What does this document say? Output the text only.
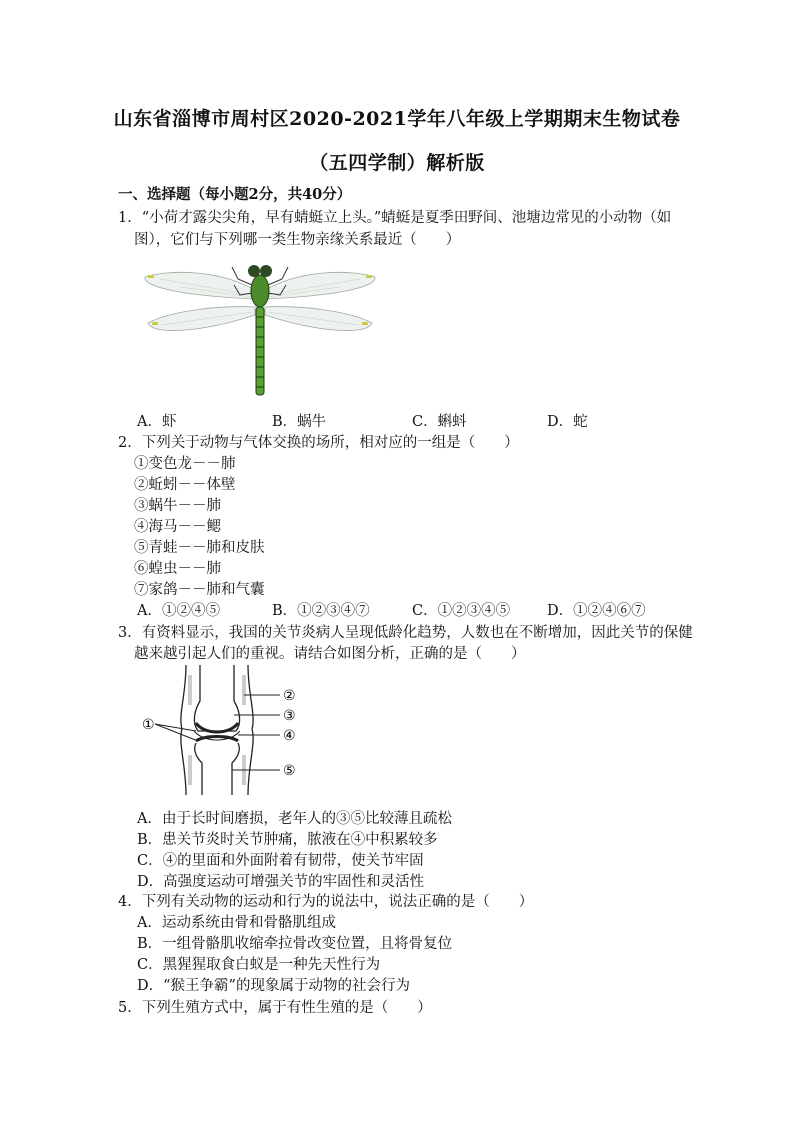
山东省淄博市周村区2020-2021学年八年级上学期期末生物试卷
（五四学制）解析版
一、选择题（每小题2分，共40分）
1．“小荷才露尖尖角，早有蜻蜓立上头。”蜻蜓是夏季田野间、池塘边常见的小动物（如
图），它们与下列哪一类生物亲缘关系最近（　　）
A．虾	B．蜗牛	C．蝌蚪	D．蛇
2．下列关于动物与气体交换的场所，相对应的一组是（　　）
①变色龙－－肺
②蚯蚓－－体壁
③蜗牛－－肺
④海马－－鳃
⑤青蛙－－肺和皮肤
⑥蝗虫－－肺
⑦家鸽－－肺和气囊
A．①②④⑤	B．①②③④⑦	C．①②③④⑤	D．①②④⑥⑦
3．有资料显示，我国的关节炎病人呈现低龄化趋势，人数也在不断增加，因此关节的保健
越来越引起人们的重视。请结合如图分析，正确的是（　　）
①
②
③
④
⑤
A．由于长时间磨损，老年人的③⑤比较薄且疏松
B．患关节炎时关节肿痛，脓液在④中积累较多
C．④的里面和外面附着有韧带，使关节牢固
D．高强度运动可增强关节的牢固性和灵活性
4．下列有关动物的运动和行为的说法中，说法正确的是（　　）
A．运动系统由骨和骨骼肌组成
B．一组骨骼肌收缩牵拉骨改变位置，且将骨复位
C．黑猩猩取食白蚁是一种先天性行为
D．“猴王争霸”的现象属于动物的社会行为
5．下列生殖方式中，属于有性生殖的是（　　）
